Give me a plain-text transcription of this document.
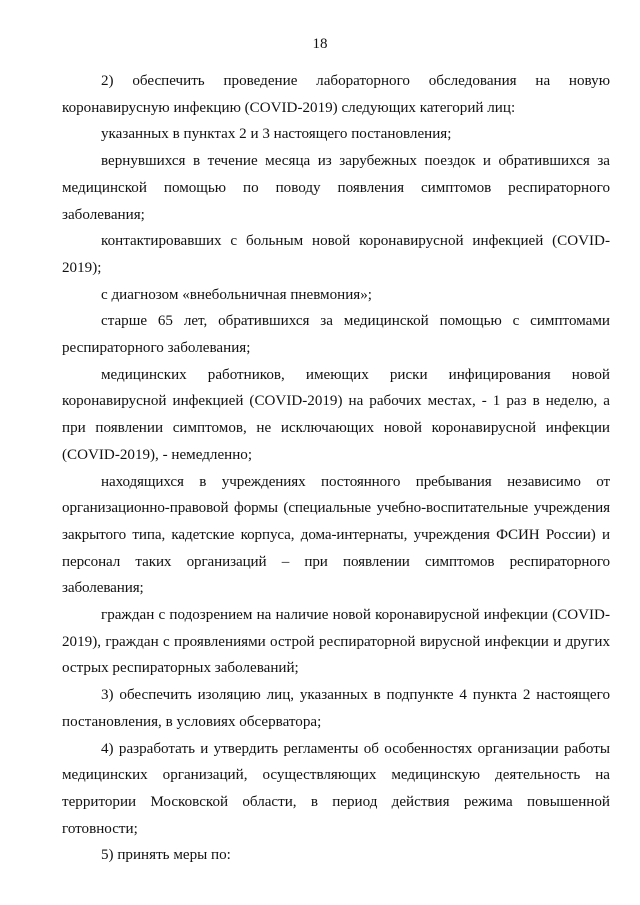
18

2) обеспечить проведение лабораторного обследования на новую коронавирусную инфекцию (COVID-2019) следующих категорий лиц:

указанных в пунктах 2 и 3 настоящего постановления;

вернувшихся в течение месяца из зарубежных поездок и обратившихся за медицинской помощью по поводу появления симптомов респираторного заболевания;

контактировавших с больным новой коронавирусной инфекцией (COVID-2019);

с диагнозом «внебольничная пневмония»;

старше 65 лет, обратившихся за медицинской помощью с симптомами респираторного заболевания;

медицинских работников, имеющих риски инфицирования новой коронавирусной инфекцией (COVID-2019) на рабочих местах, - 1 раз в неделю, а при появлении симптомов, не исключающих новой коронавирусной инфекции (COVID-2019), - немедленно;

находящихся в учреждениях постоянного пребывания независимо от организационно-правовой формы (специальные учебно-воспитательные учреждения закрытого типа, кадетские корпуса, дома-интернаты, учреждения ФСИН России) и персонал таких организаций – при появлении симптомов респираторного заболевания;

граждан с подозрением на наличие новой коронавирусной инфекции (COVID-2019), граждан с проявлениями острой респираторной вирусной инфекции и других острых респираторных заболеваний;

3) обеспечить изоляцию лиц, указанных в подпункте 4 пункта 2 настоящего постановления, в условиях обсерватора;

4) разработать и утвердить регламенты об особенностях организации работы медицинских организаций, осуществляющих медицинскую деятельность на территории Московской области, в период действия режима повышенной готовности;

5) принять меры по:
